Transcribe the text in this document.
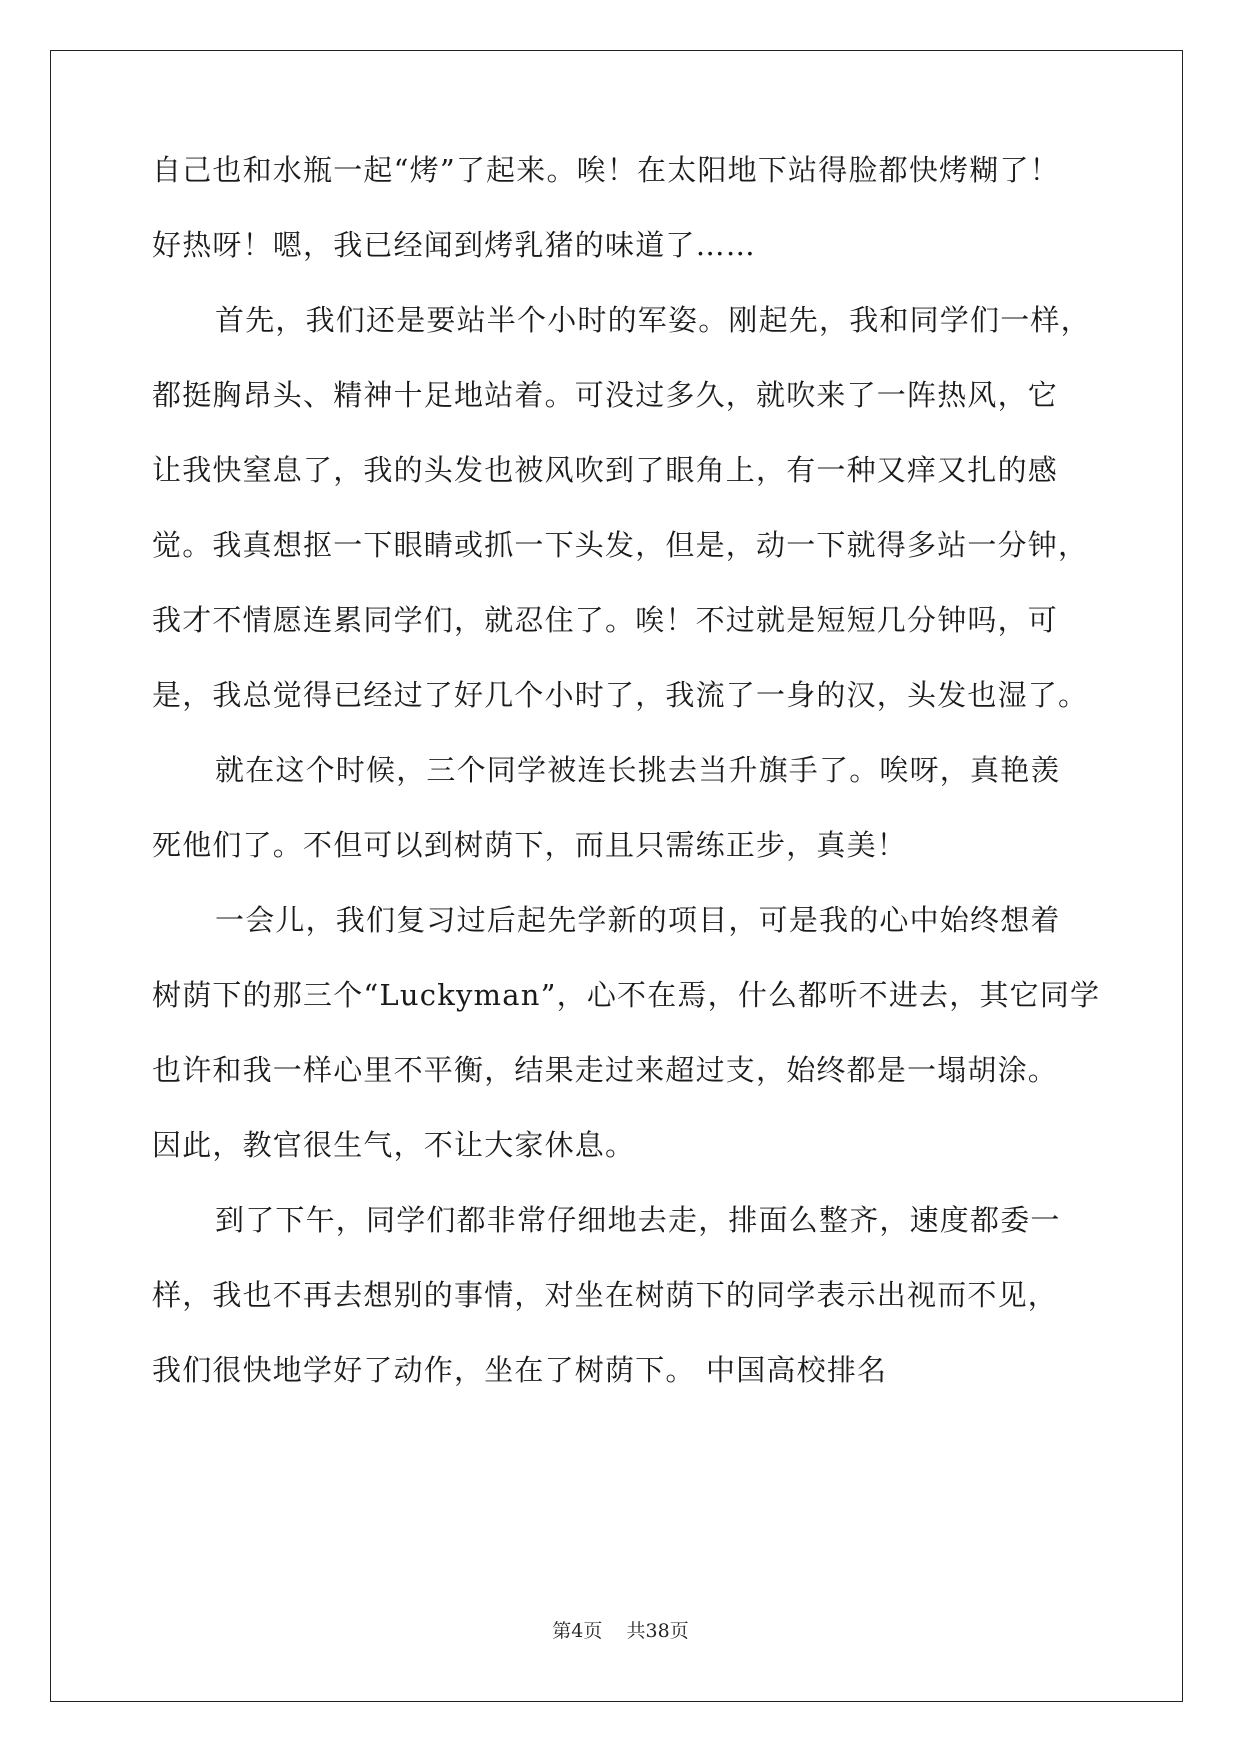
自己也和水瓶一起“烤”了起来。唉！在太阳地下站得脸都快烤糊了！
好热呀！嗯，我已经闻到烤乳猪的味道了……
首先，我们还是要站半个小时的军姿。刚起先，我和同学们一样，
都挺胸昂头、精神十足地站着。可没过多久，就吹来了一阵热风，它
让我快窒息了，我的头发也被风吹到了眼角上，有一种又痒又扎的感
觉。我真想抠一下眼睛或抓一下头发，但是，动一下就得多站一分钟，
我才不情愿连累同学们，就忍住了。唉！不过就是短短几分钟吗，可
是，我总觉得已经过了好几个小时了，我流了一身的汉，头发也湿了。
就在这个时候，三个同学被连长挑去当升旗手了。唉呀，真艳羡
死他们了。不但可以到树荫下，而且只需练正步，真美！
一会儿，我们复习过后起先学新的项目，可是我的心中始终想着
树荫下的那三个“Luckyman”，心不在焉，什么都听不进去，其它同学
也许和我一样心里不平衡，结果走过来超过支，始终都是一塌胡涂。
因此，教官很生气，不让大家休息。
到了下午，同学们都非常仔细地去走，排面么整齐，速度都委一
样，我也不再去想别的事情，对坐在树荫下的同学表示出视而不见，
我们很快地学好了动作，坐在了树荫下。 中国高校排名
第4页    共38页
